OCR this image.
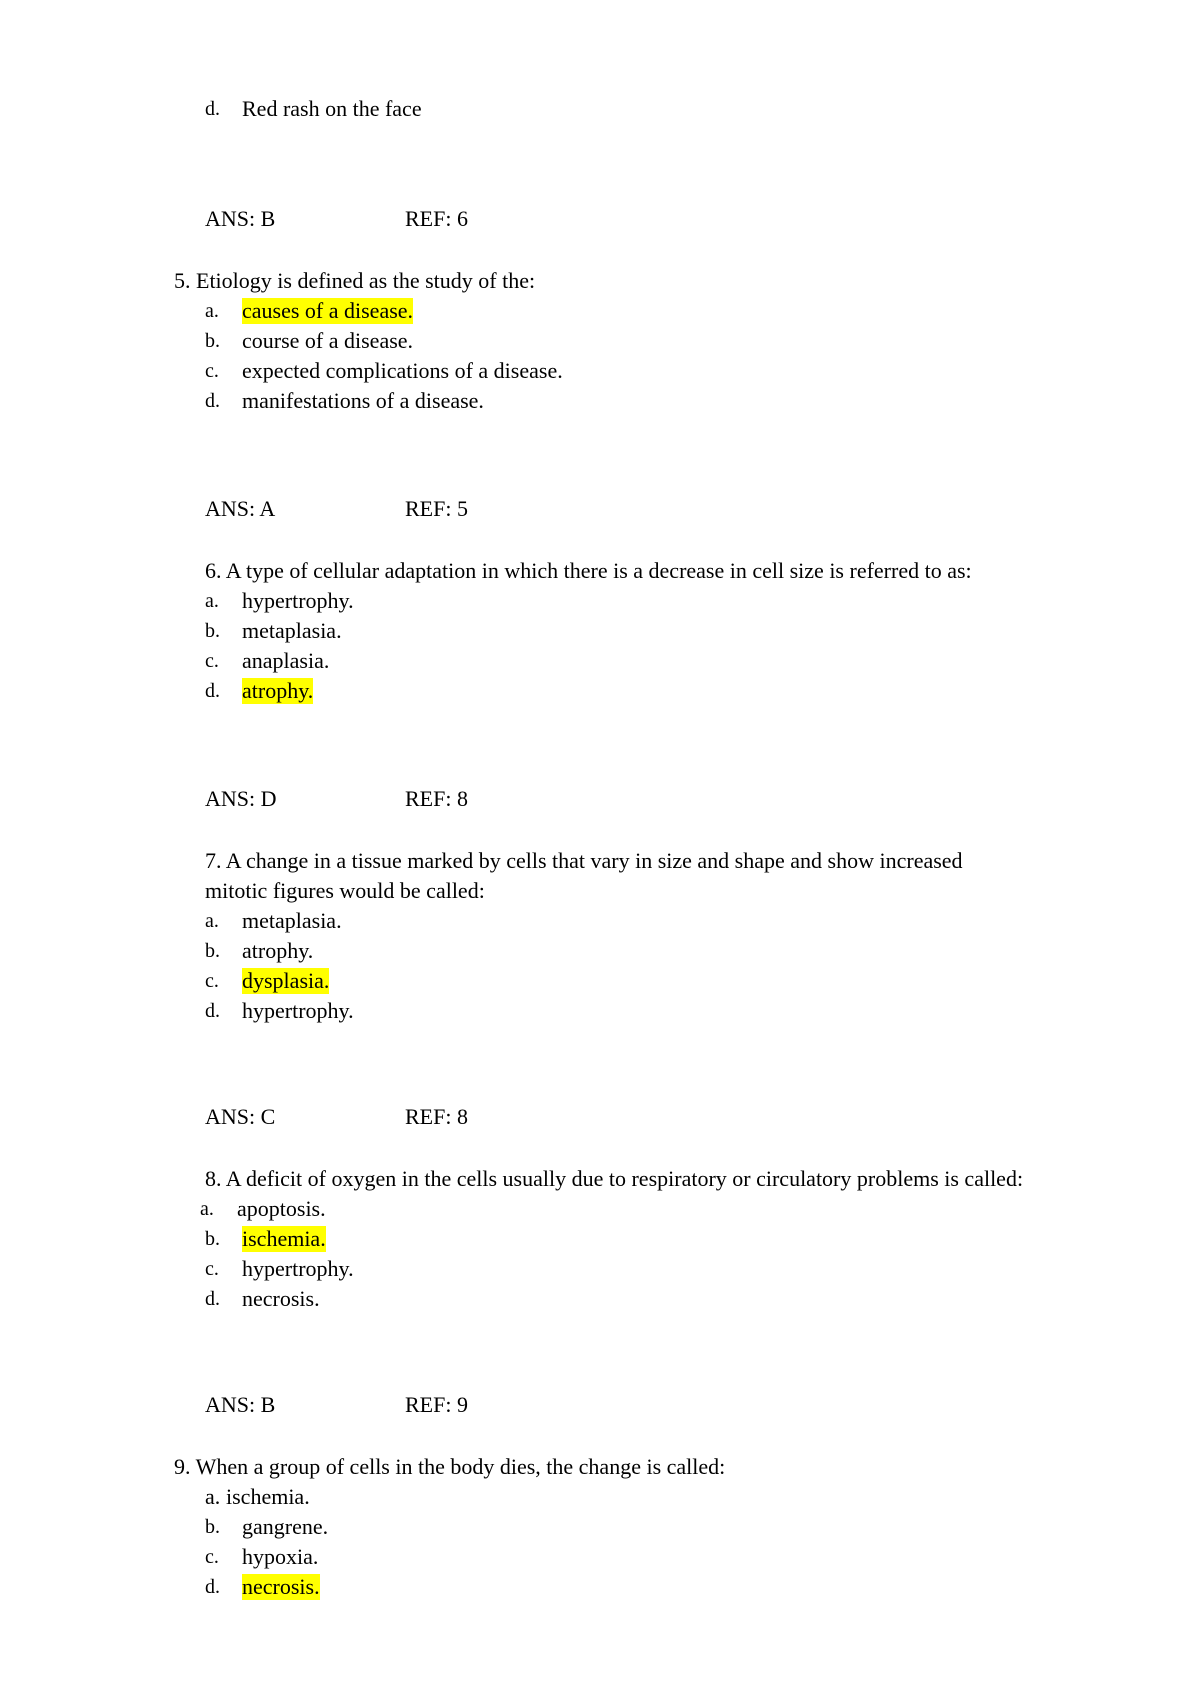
d. Red rash on the face
ANS: B	REF: 6
5. Etiology is defined as the study of the:
a. causes of a disease.
b. course of a disease.
c. expected complications of a disease.
d. manifestations of a disease.
ANS: A	REF: 5
6. A type of cellular adaptation in which there is a decrease in cell size is referred to as:
a. hypertrophy.
b. metaplasia.
c. anaplasia.
d. atrophy.
ANS: D	REF: 8
7. A change in a tissue marked by cells that vary in size and shape and show increased
mitotic figures would be called:
a. metaplasia.
b. atrophy.
c. dysplasia.
d. hypertrophy.
ANS: C	REF: 8
8. A deficit of oxygen in the cells usually due to respiratory or circulatory problems is called:
a. apoptosis.
b. ischemia.
c. hypertrophy.
d. necrosis.
ANS: B	REF: 9
9. When a group of cells in the body dies, the change is called:
a. ischemia.
b. gangrene.
c. hypoxia.
d. necrosis.
